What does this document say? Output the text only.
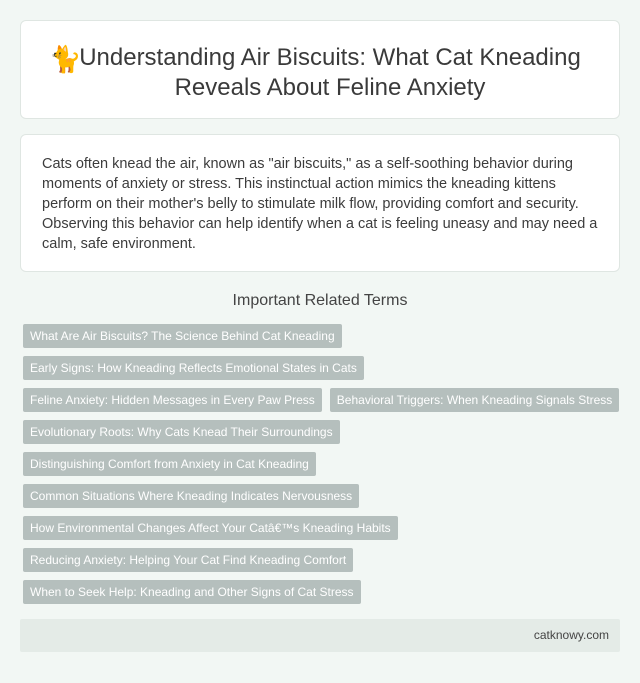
🐈
Understanding Air Biscuits: What Cat Kneading Reveals About Feline Anxiety

Cats often knead the air, known as "air biscuits," as a self-soothing behavior during moments of anxiety or stress. This instinctual action mimics the kneading kittens perform on their mother's belly to stimulate milk flow, providing comfort and security. Observing this behavior can help identify when a cat is feeling uneasy and may need a calm, safe environment.

Important Related Terms
What Are Air Biscuits? The Science Behind Cat Kneading
Early Signs: How Kneading Reflects Emotional States in Cats
Feline Anxiety: Hidden Messages in Every Paw Press	Behavioral Triggers: When Kneading Signals Stress
Evolutionary Roots: Why Cats Knead Their Surroundings
Distinguishing Comfort from Anxiety in Cat Kneading
Common Situations Where Kneading Indicates Nervousness
How Environmental Changes Affect Your Catâ€™s Kneading Habits
Reducing Anxiety: Helping Your Cat Find Kneading Comfort
When to Seek Help: Kneading and Other Signs of Cat Stress
catknowy.com
